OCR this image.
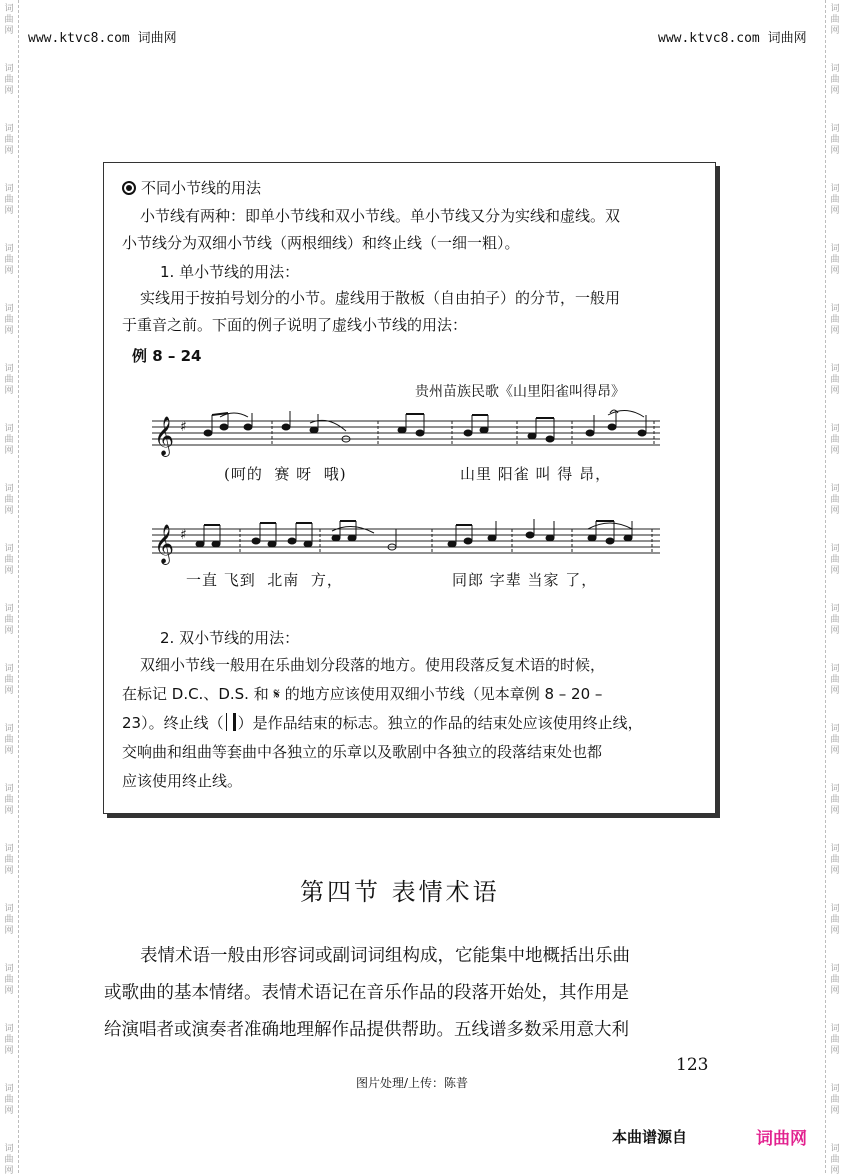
词
曲
网
词
曲
网
词
曲
网
词
曲
网
词
曲
网
词
曲
网
词
曲
网
词
曲
网
词
曲
网
词
曲
网
词
曲
网
词
曲
网
词
曲
网
词
曲
网
词
曲
网
词
曲
网
词
曲
网
词
曲
网
词
曲
网
词
曲
网
词
曲
网
词
曲
网
词
曲
网
词
曲
网
词
曲
网
词
曲
网
词
曲
网
词
曲
网
词
曲
网
词
曲
网
词
曲
网
词
曲
网
词
曲
网
词
曲
网
词
曲
网
词
曲
网
词
曲
网
词
曲
网
词
曲
网
词
曲
网
www.ktvc8.com 词曲网	www.ktvc8.com 词曲网
不同小节线的用法
小节线有两种：即单小节线和双小节线。单小节线又分为实线和虚线。双
小节线分为双细小节线（两根细线）和终止线（一细一粗）。
1. 单小节线的用法：
实线用于按拍号划分的小节。虚线用于散板（自由拍子）的分节，一般用
于重音之前。下面的例子说明了虚线小节线的用法：
例 8 – 24
贵州苗族民歌《山里阳雀叫得昂》
𝄞 ♯
(呵的  赛 呀  哦)	山里 阳雀 叫 得 昂，
𝄞 ♯
一直 飞到  北南  方，	同郎 字辈 当家 了，
2. 双小节线的用法：
双细小节线一般用在乐曲划分段落的地方。使用段落反复术语的时候，
在标记 D.C.、D.S. 和 𝄋 的地方应该使用双细小节线（见本章例 8 – 20 –
23）。终止线（ ）是作品结束的标志。独立的作品的结束处应该使用终止线，
交响曲和组曲等套曲中各独立的乐章以及歌剧中各独立的段落结束处也都
应该使用终止线。
第四节 表情术语
表情术语一般由形容词或副词词组构成，它能集中地概括出乐曲
或歌曲的基本情绪。表情术语记在音乐作品的段落开始处，其作用是
给演唱者或演奏者准确地理解作品提供帮助。五线谱多数采用意大利
123
图片处理/上传：陈普
本曲谱源自	词曲网
